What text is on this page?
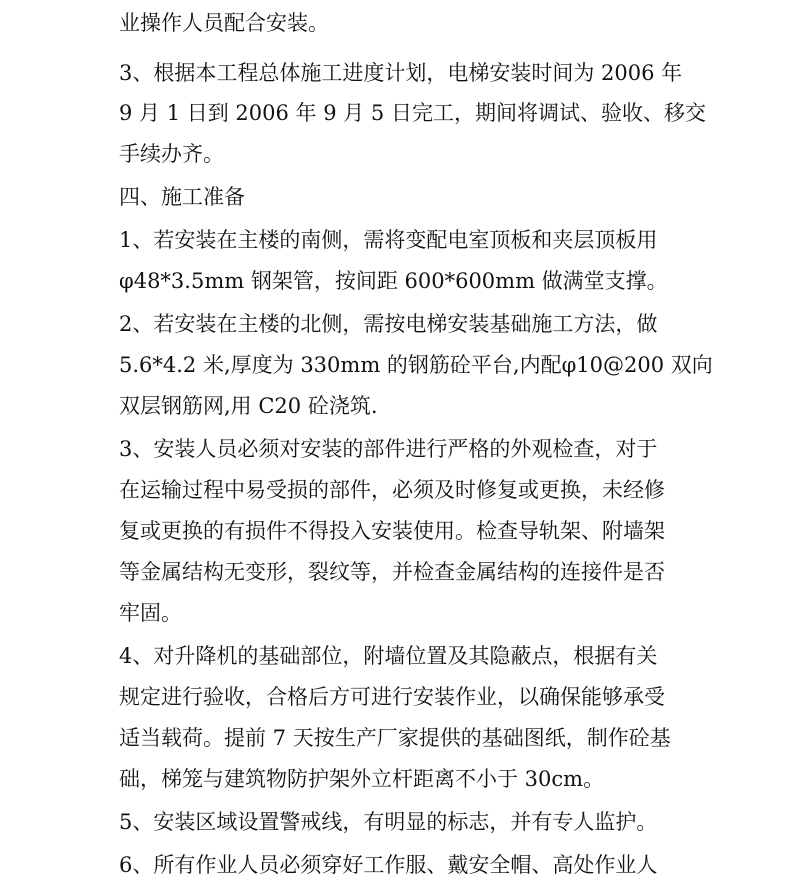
业操作人员配合安装。
3、根据本工程总体施工进度计划，电梯安装时间为 2006 年
9 月 1 日到 2006 年 9 月 5 日完工，期间将调试、验收、移交
手续办齐。
四、施工准备
1、若安装在主楼的南侧，需将变配电室顶板和夹层顶板用
φ48*3.5mm 钢架管，按间距 600*600mm 做满堂支撑。
2、若安装在主楼的北侧，需按电梯安装基础施工方法，做
5.6*4.2 米,厚度为 330mm 的钢筋砼平台,内配φ10@200 双向
双层钢筋网,用 C20 砼浇筑.
3、安装人员必须对安装的部件进行严格的外观检查，对于
在运输过程中易受损的部件，必须及时修复或更换，未经修
复或更换的有损件不得投入安装使用。检查导轨架、附墙架
等金属结构无变形，裂纹等，并检查金属结构的连接件是否
牢固。
4、对升降机的基础部位，附墙位置及其隐蔽点，根据有关
规定进行验收，合格后方可进行安装作业，以确保能够承受
适当载荷。提前 7 天按生产厂家提供的基础图纸，制作砼基
础，梯笼与建筑物防护架外立杆距离不小于 30cm。
5、安装区域设置警戒线，有明显的标志，并有专人监护。
6、所有作业人员必须穿好工作服、戴安全帽、高处作业人
